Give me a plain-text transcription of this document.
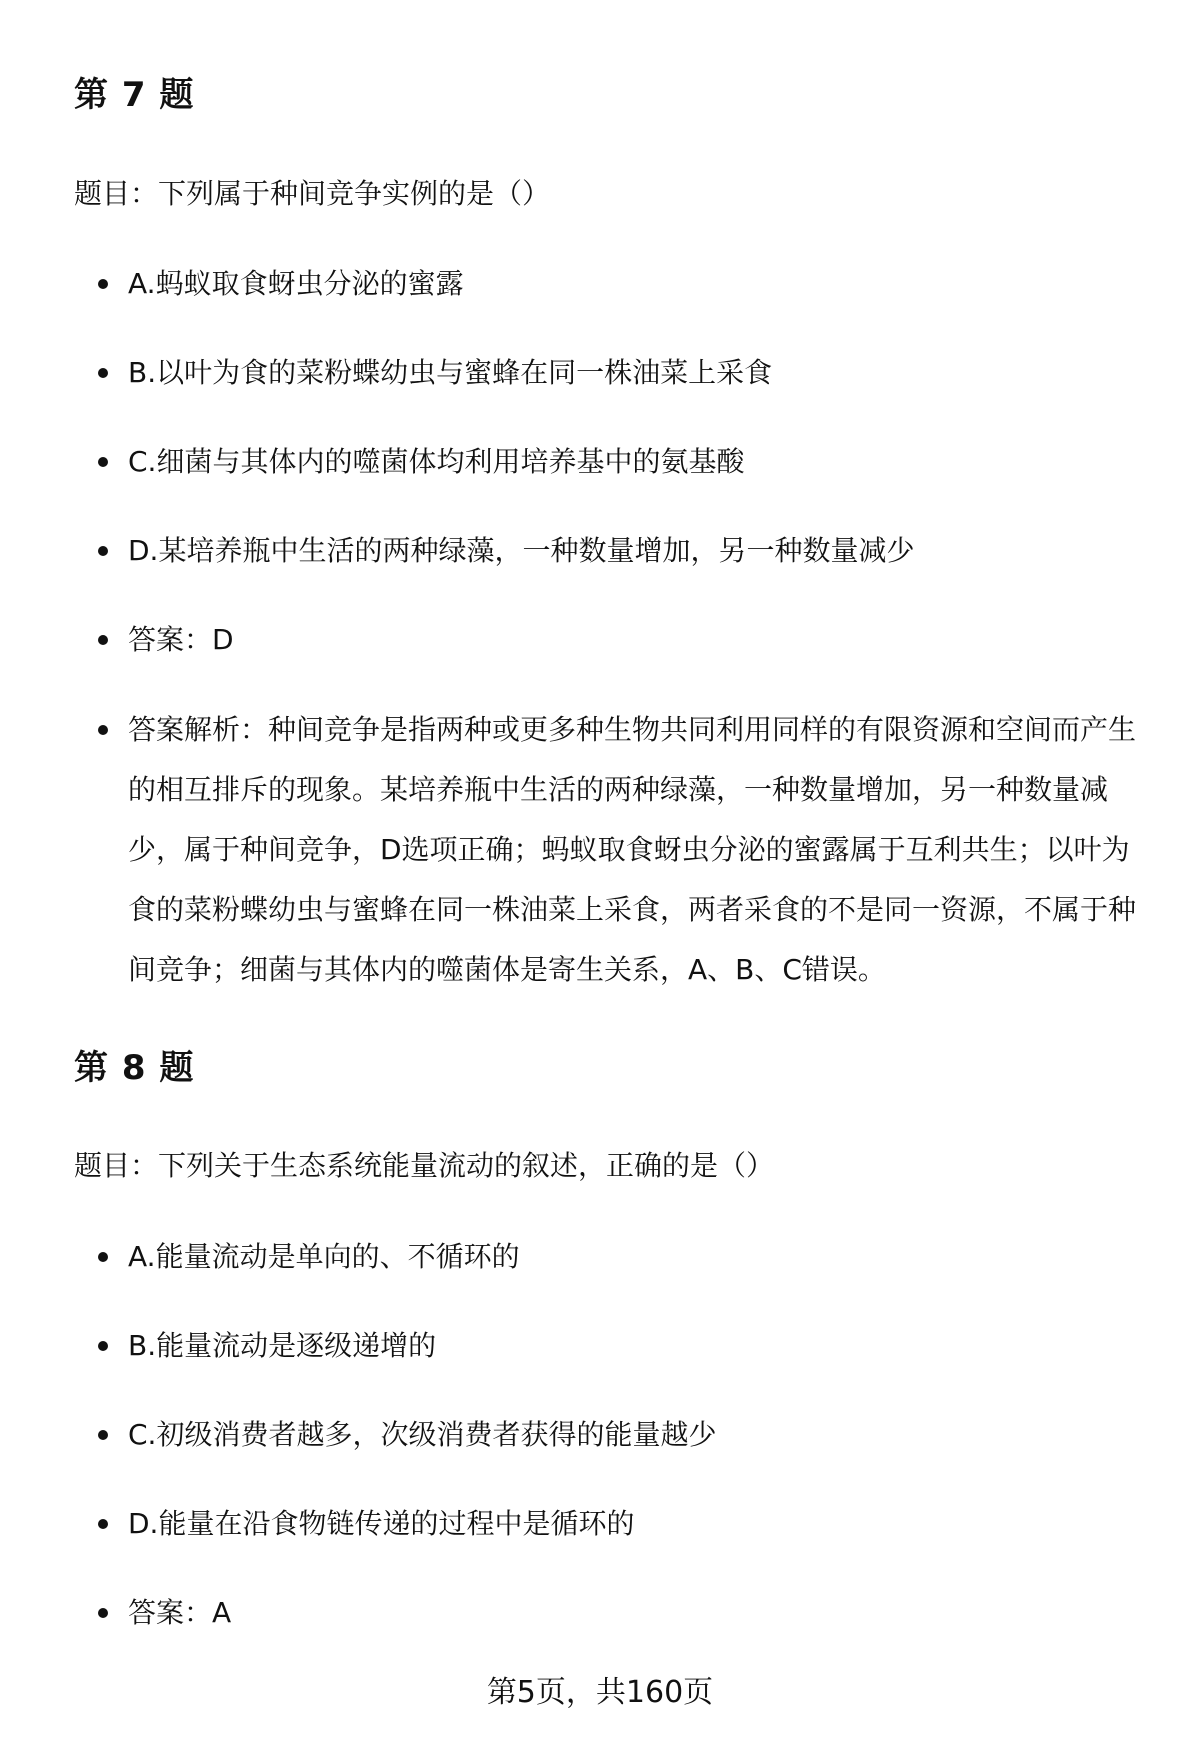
第 7 题

题目：下列属于种间竞争实例的是（）

A.蚂蚁取食蚜虫分泌的蜜露
B.以叶为食的菜粉蝶幼虫与蜜蜂在同一株油菜上采食
C.细菌与其体内的噬菌体均利用培养基中的氨基酸
D.某培养瓶中生活的两种绿藻，一种数量增加，另一种数量减少
答案：D
答案解析：种间竞争是指两种或更多种生物共同利用同样的有限资源和空间而产生的相互排斥的现象。某培养瓶中生活的两种绿藻，一种数量增加，另一种数量减少，属于种间竞争，D选项正确；蚂蚁取食蚜虫分泌的蜜露属于互利共生；以叶为食的菜粉蝶幼虫与蜜蜂在同一株油菜上采食，两者采食的不是同一资源，不属于种间竞争；细菌与其体内的噬菌体是寄生关系，A、B、C错误。
第 8 题

题目：下列关于生态系统能量流动的叙述，正确的是（）

A.能量流动是单向的、不循环的
B.能量流动是逐级递增的
C.初级消费者越多，次级消费者获得的能量越少
D.能量在沿食物链传递的过程中是循环的
答案：A
第5页，共160页
